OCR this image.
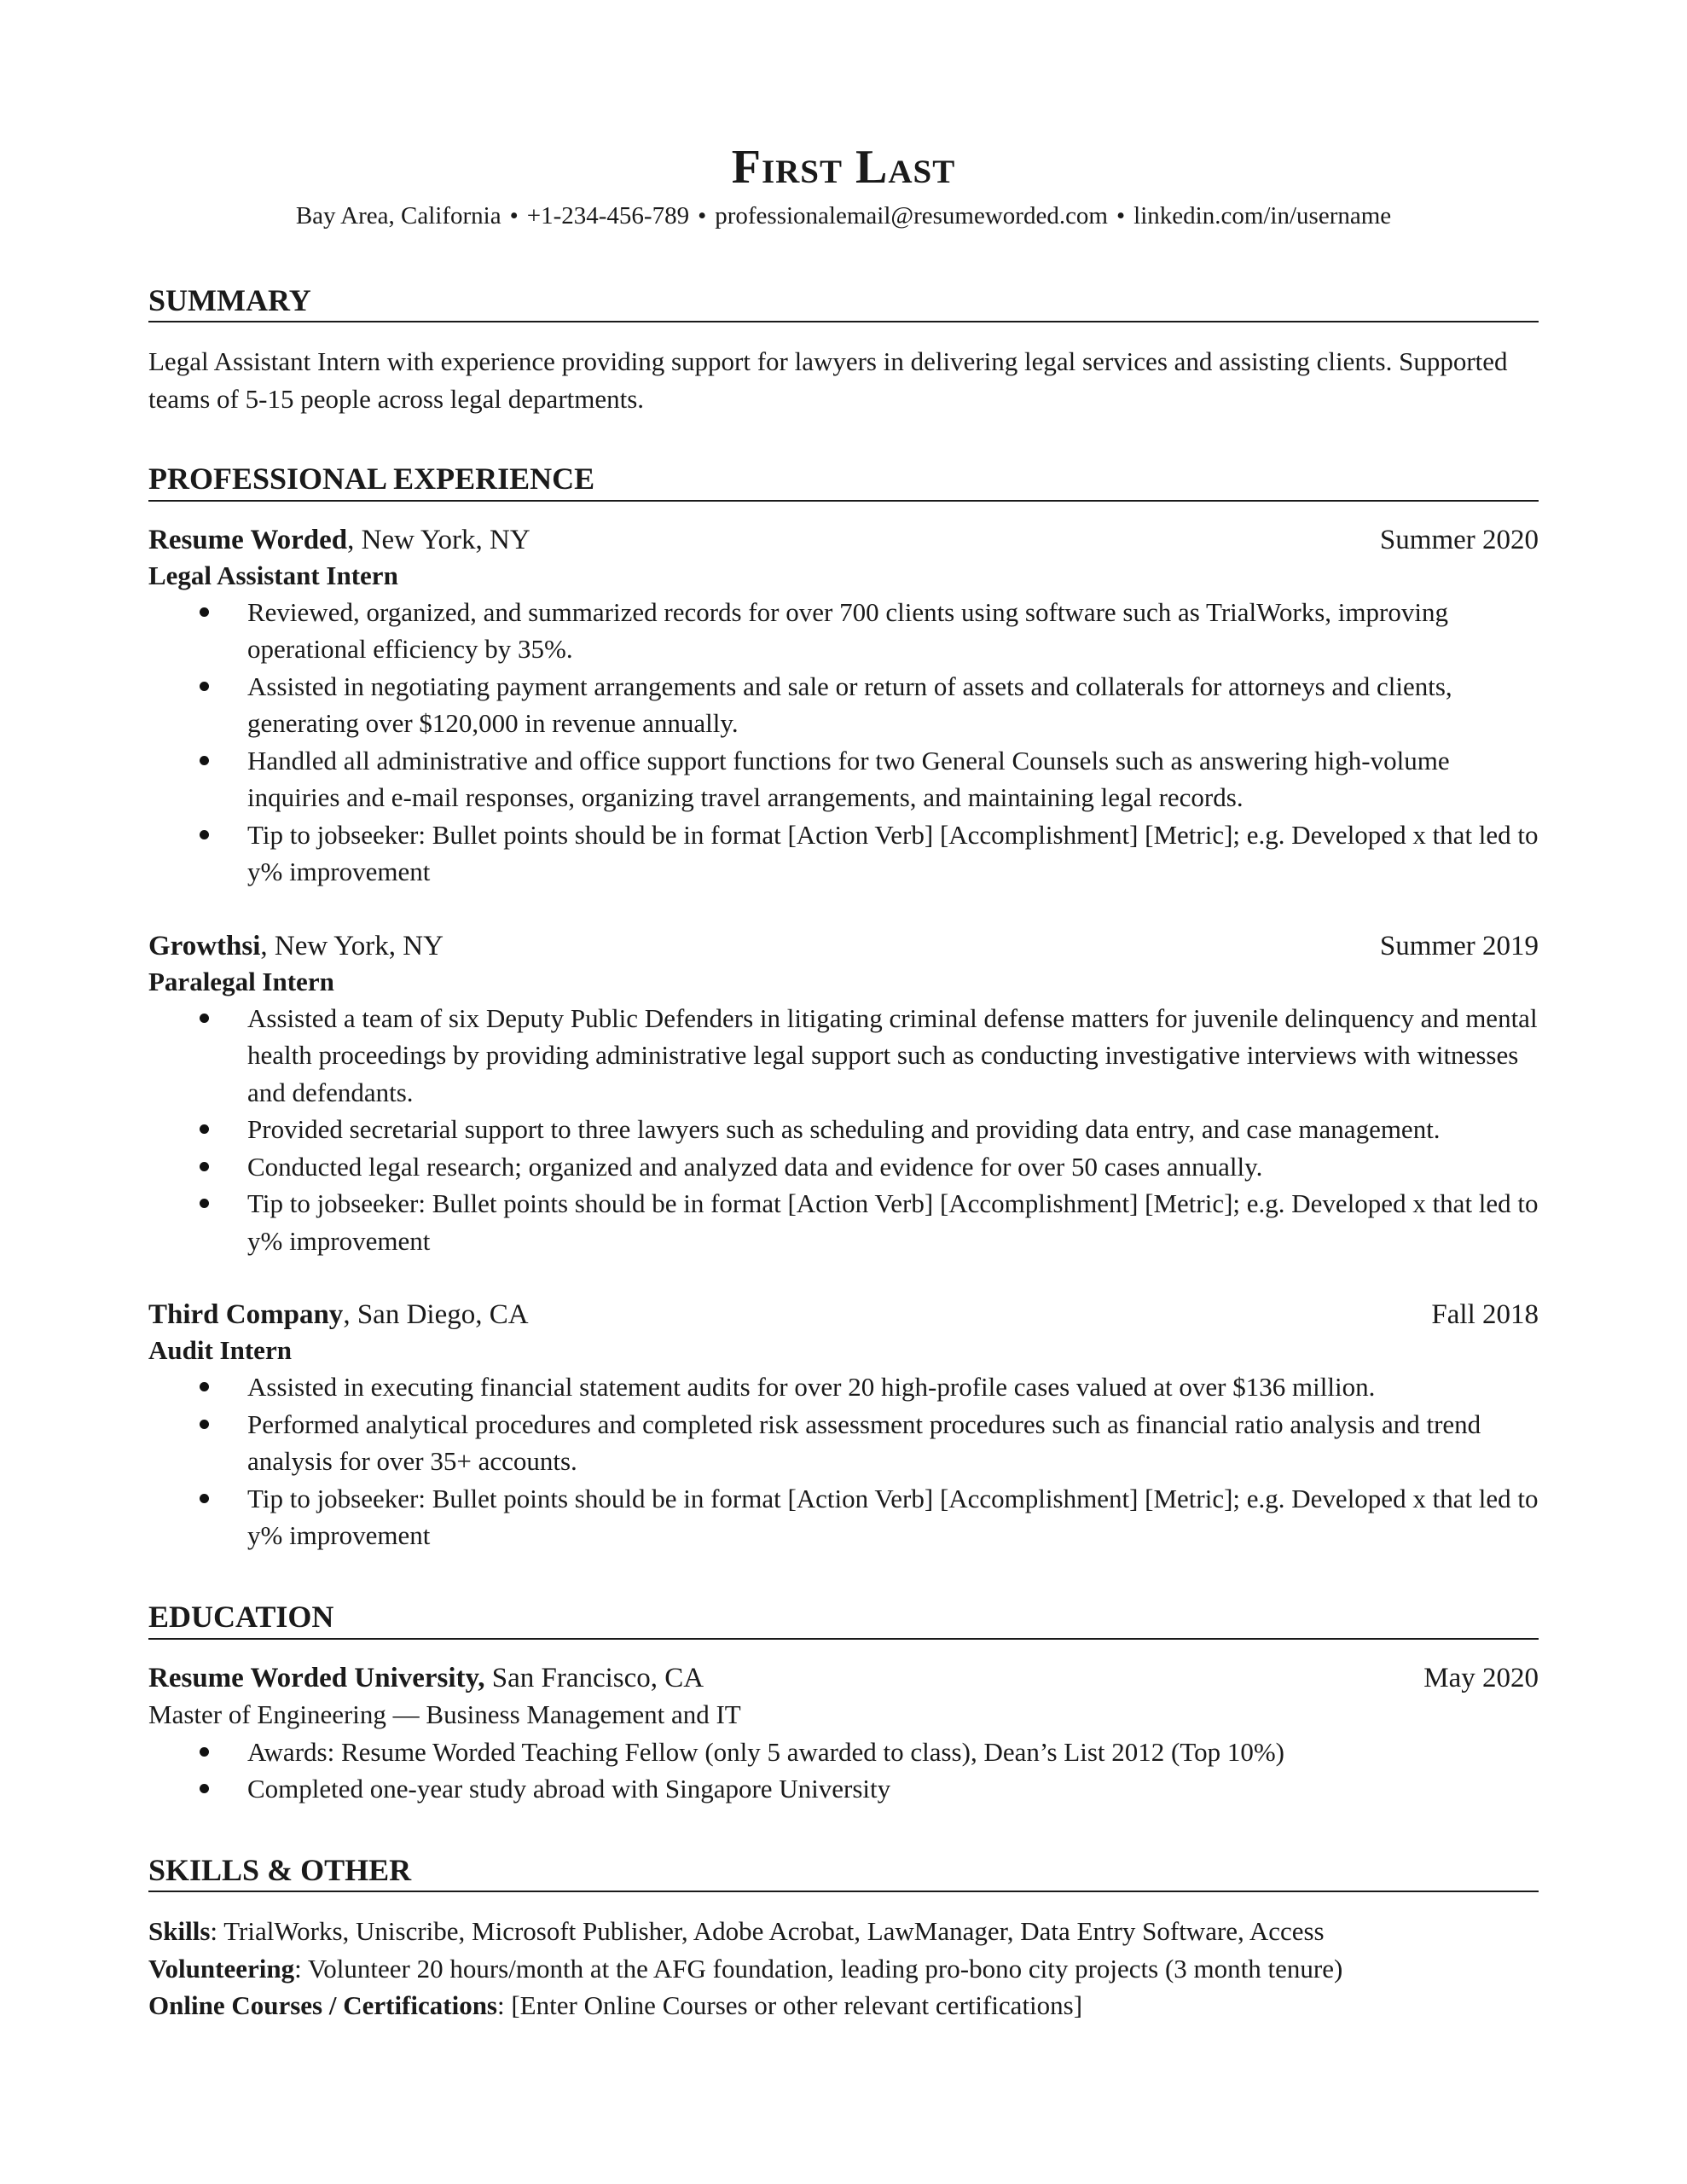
First Last
Bay Area, California • +1-234-456-789 • professionalemail@resumeworded.com • linkedin.com/in/username
SUMMARY
Legal Assistant Intern with experience providing support for lawyers in delivering legal services and assisting clients. Supported teams of 5-15 people across legal departments.
PROFESSIONAL EXPERIENCE
Resume Worded, New York, NY	Summer 2020
Legal Assistant Intern
Reviewed, organized, and summarized records for over 700 clients using software such as TrialWorks, improving operational efficiency by 35%.
Assisted in negotiating payment arrangements and sale or return of assets and collaterals for attorneys and clients, generating over $120,000 in revenue annually.
Handled all administrative and office support functions for two General Counsels such as answering high-volume inquiries and e-mail responses, organizing travel arrangements, and maintaining legal records.
Tip to jobseeker: Bullet points should be in format [Action Verb] [Accomplishment] [Metric]; e.g. Developed x that led to y% improvement
Growthsi, New York, NY	Summer 2019
Paralegal Intern
Assisted a team of six Deputy Public Defenders in litigating criminal defense matters for juvenile delinquency and mental health proceedings by providing administrative legal support such as conducting investigative interviews with witnesses and defendants.
Provided secretarial support to three lawyers such as scheduling and providing data entry, and case management.
Conducted legal research; organized and analyzed data and evidence for over 50 cases annually.
Tip to jobseeker: Bullet points should be in format [Action Verb] [Accomplishment] [Metric]; e.g. Developed x that led to y% improvement
Third Company, San Diego, CA	Fall 2018
Audit Intern
Assisted in executing financial statement audits for over 20 high-profile cases valued at over $136 million.
Performed analytical procedures and completed risk assessment procedures such as financial ratio analysis and trend analysis for over 35+ accounts.
Tip to jobseeker: Bullet points should be in format [Action Verb] [Accomplishment] [Metric]; e.g. Developed x that led to y% improvement
EDUCATION
Resume Worded University, San Francisco, CA	May 2020
Master of Engineering — Business Management and IT
Awards: Resume Worded Teaching Fellow (only 5 awarded to class), Dean’s List 2012 (Top 10%)
Completed one-year study abroad with Singapore University
SKILLS & OTHER
Skills: TrialWorks, Uniscribe, Microsoft Publisher, Adobe Acrobat, LawManager, Data Entry Software, Access
Volunteering: Volunteer 20 hours/month at the AFG foundation, leading pro-bono city projects (3 month tenure)
Online Courses / Certifications: [Enter Online Courses or other relevant certifications]
